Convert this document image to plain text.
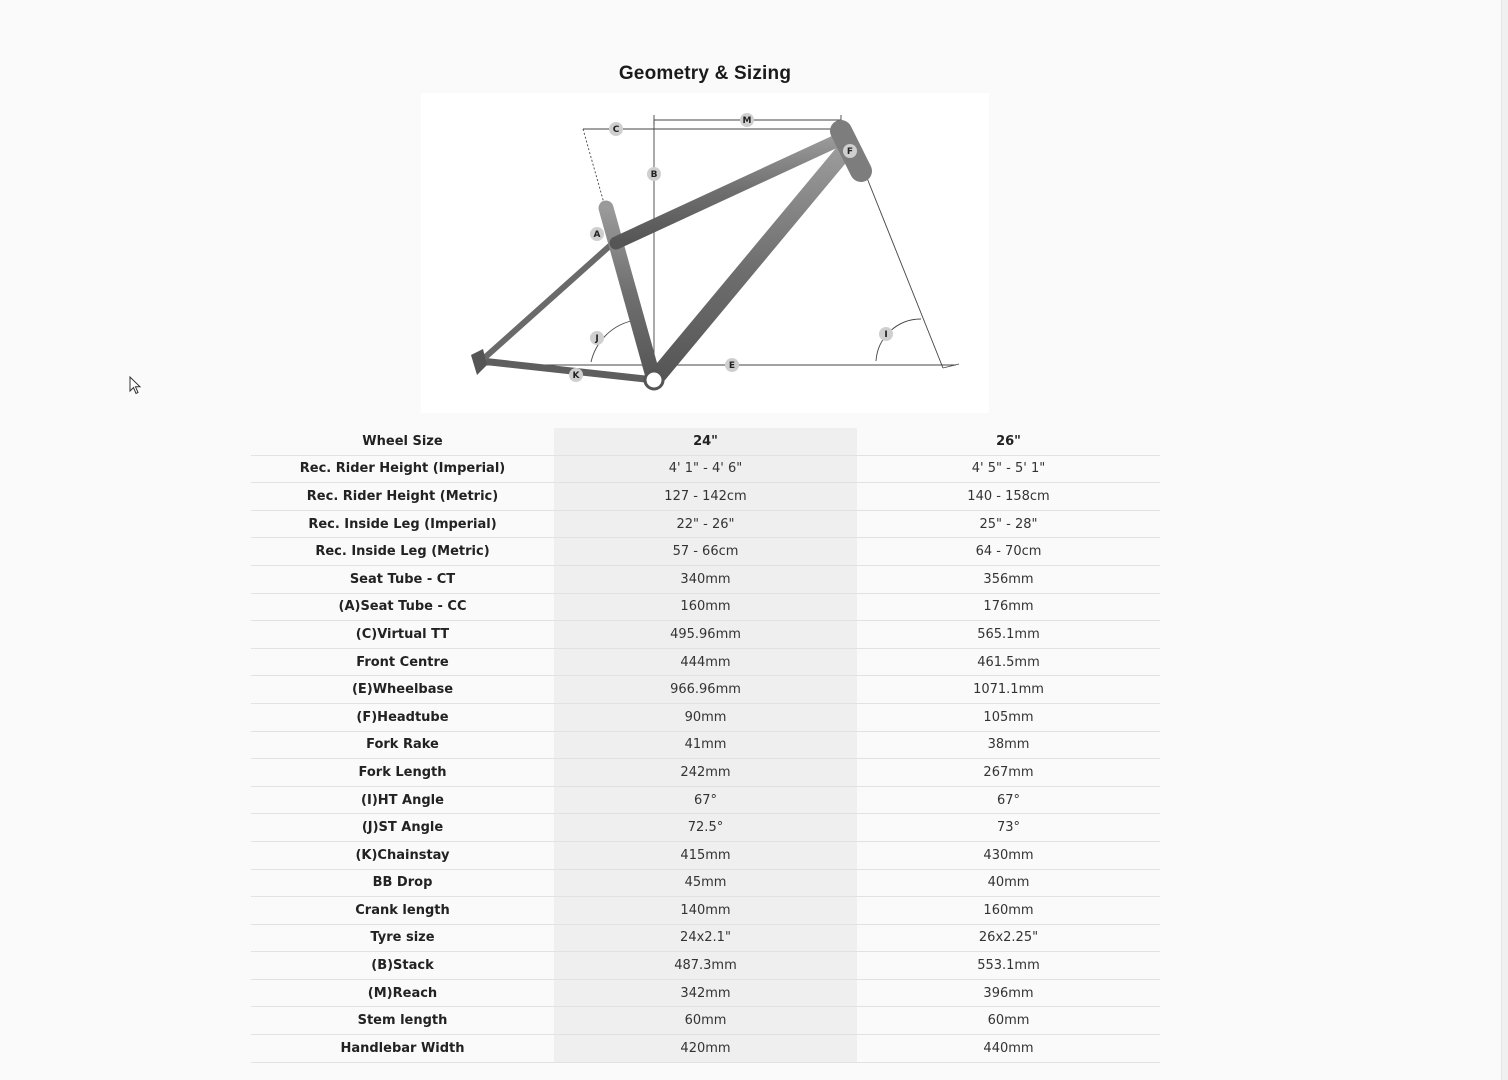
Geometry & Sizing
M
C
B
F
A
J	I
E
K
Wheel Size	24"	26"
Rec. Rider Height (Imperial)	4' 1" - 4' 6"	4' 5" - 5' 1"
Rec. Rider Height (Metric)	127 - 142cm	140 - 158cm
Rec. Inside Leg (Imperial)	22" - 26"	25" - 28"
Rec. Inside Leg (Metric)	57 - 66cm	64 - 70cm
Seat Tube - CT	340mm	356mm
(A)Seat Tube - CC	160mm	176mm
(C)Virtual TT	495.96mm	565.1mm
Front Centre	444mm	461.5mm
(E)Wheelbase	966.96mm	1071.1mm
(F)Headtube	90mm	105mm
Fork Rake	41mm	38mm
Fork Length	242mm	267mm
(I)HT Angle	67°	67°
(J)ST Angle	72.5°	73°
(K)Chainstay	415mm	430mm
BB Drop	45mm	40mm
Crank length	140mm	160mm
Tyre size	24x2.1"	26x2.25"
(B)Stack	487.3mm	553.1mm
(M)Reach	342mm	396mm
Stem length	60mm	60mm
Handlebar Width	420mm	440mm
